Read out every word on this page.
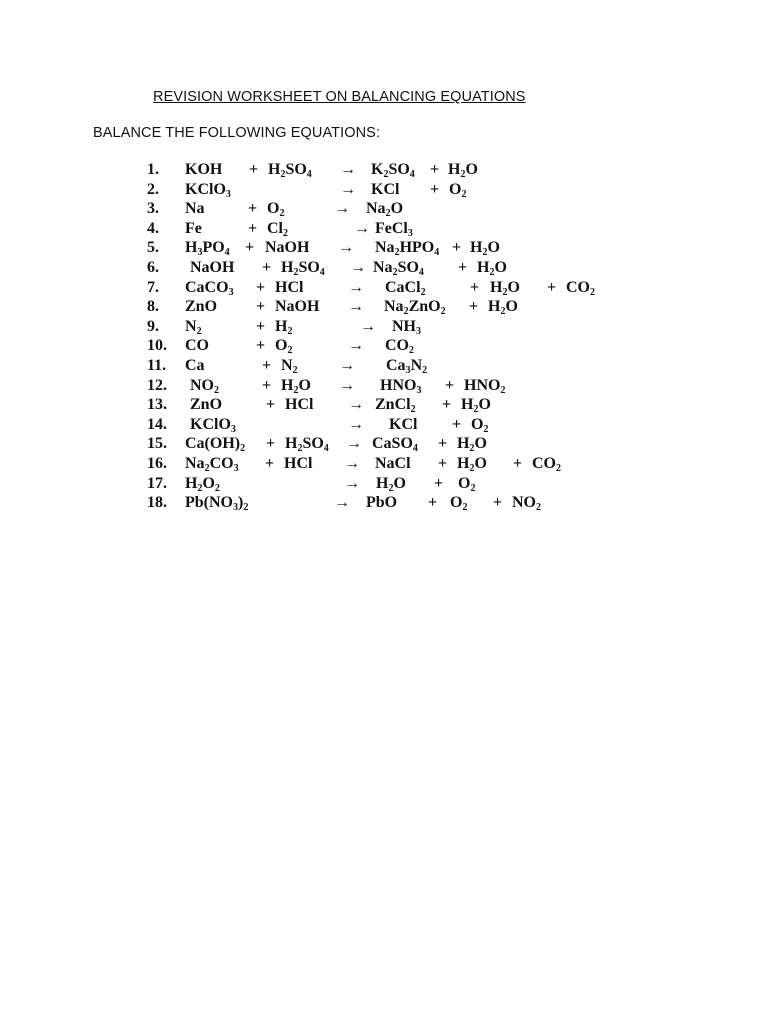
REVISION WORKSHEET ON BALANCING EQUATIONS
BALANCE THE FOLLOWING EQUATIONS:
1. KOH + $H_2SO_4 \to K_2SO_4 + H_2O$
2. KClO$_3$	→ KCl + $O_2$
3. Na	+ $O_2$	→ $Na_2O$
4. Fe	+ $Cl_2$	→ FeCl$_3$
5. $H_3PO_4$ + NaOH → $Na_2HPO_4 + H_2O$
6. NaOH + $H_2SO_4 \to Na_2SO_4 + H_2O$
7. CaCO$_3$ + HCl	→ CaCl$_2$	+ $H_2O + CO_2$
8. ZnO + NaOH → $Na_2ZnO_2 + H_2O$
9. $N_2$	+ $H_2$	→ $NH_3$
10. CO	+ $O_2$	→ $CO_2$
11. Ca	+ $N_2$	→ $Ca_3N_2$
12. $NO_2$	+ $H_2O \to HNO_3 + HNO_2$
13. ZnO	+ HCl → ZnCl$_2$ + $H_2O$
14. KClO$_3$	→ KCl + $O_2$
15. $Ca(OH)_2 + H_2SO_4$ → CaSO$_4$ + $H_2O$
16. $Na_2CO_3$ + HCl → NaCl + $H_2O + CO_2$
17. $H_2O_2$	→ $H_2O + O_2$
18. $Pb(NO_3)_2$	→ PbO + $O_2 + NO_2$
